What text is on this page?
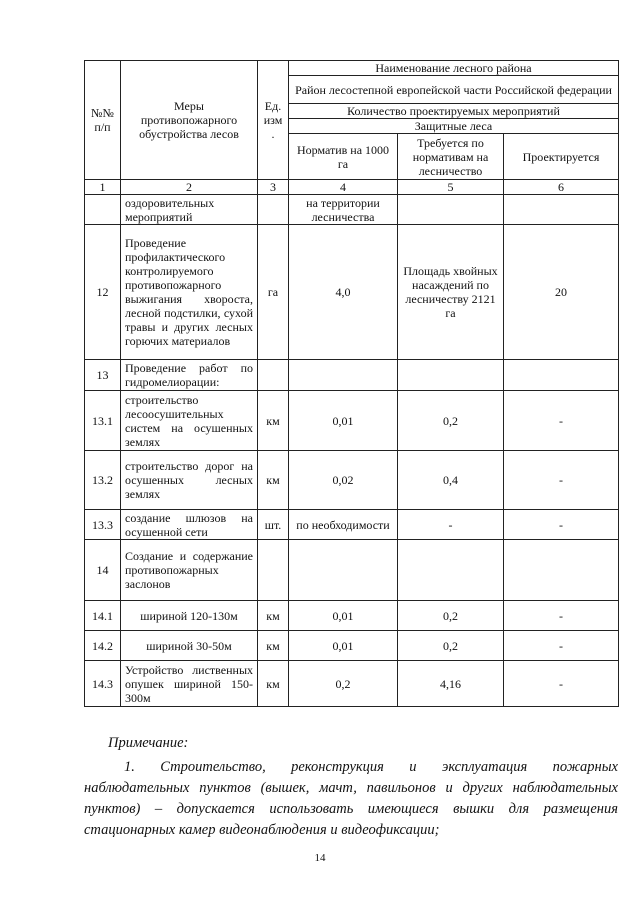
№№ п/п	Меры противопожарного обустройства лесов	Ед. изм .	Наименование лесного района		
			Район лесостепной европейской части Российской федерации		
			Количество проектируемых мероприятий		
			Защитные леса		
			Норматив на 1000 га	Требуется по нормативам на лесничество	Проектируется
1	2	3	4	5	6
	оздоровительных мероприятий		на территории лесничества		
12	Проведение профилактического контролируемого противопожарного выжигания хвороста, лесной подстилки, сухой травы и других лесных горючих материалов	га	4,0	Площадь хвойных насаждений по лесничеству 2121 га	20
13	Проведение работ по гидромелиорации:				
13.1	строительство лесоосушительных систем на осушенных землях	км	0,01	0,2	-
13.2	строительство дорог на осушенных лесных землях	км	0,02	0,4	-
13.3	создание шлюзов на осушенной сети	шт.	по необходимости	-	-
14	Создание и содержание противопожарных заслонов				
14.1	шириной 120-130м	км	0,01	0,2	-
14.2	шириной 30-50м	км	0,01	0,2	-
14.3	Устройство лиственных опушек шириной 150-300м	км	0,2	4,16	-
Примечание:
1. Строительство, реконструкция и эксплуатация пожарных наблюдательных пунктов (вышек, мачт, павильонов и других наблюдательных пунктов) – допускается использовать имеющиеся вышки для размещения стационарных камер видеонаблюдения и видеофиксации;
14
